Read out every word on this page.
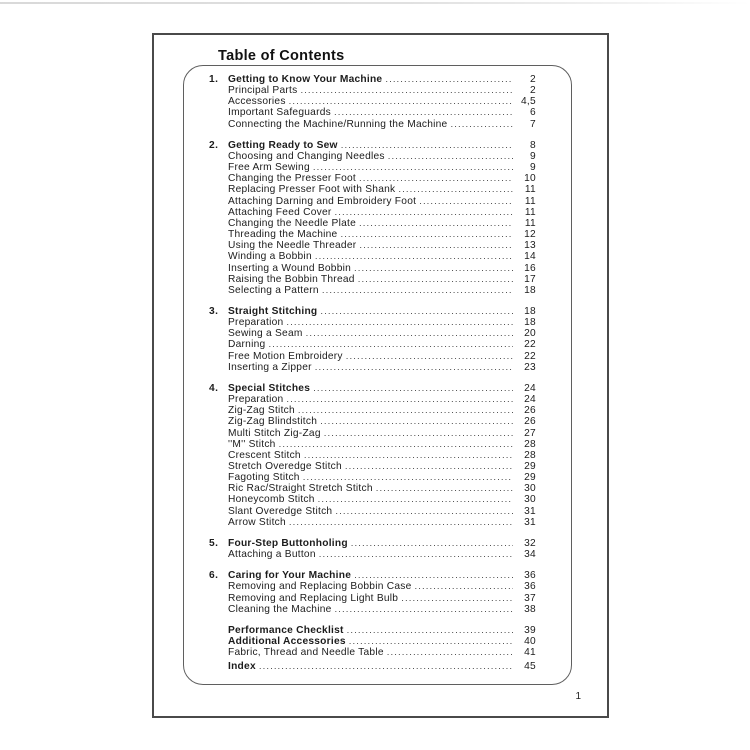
Table of Contents
1. Getting to Know Your Machine .....	2
Principal Parts .....	2
Accessories .....	4,5
Important Safeguards .....	6
Connecting the Machine/Running the Machine .....	7
2. Getting Ready to Sew .....	8
Choosing and Changing Needles .....	9
Free Arm Sewing .....	9
Changing the Presser Foot .....	10
Replacing Presser Foot with Shank .....	11
Attaching Darning and Embroidery Foot .....	11
Attaching Feed Cover .....	11
Changing the Needle Plate .....	11
Threading the Machine .....	12
Using the Needle Threader .....	13
Winding a Bobbin .....	14
Inserting a Wound Bobbin .....	16
Raising the Bobbin Thread .....	17
Selecting a Pattern .....	18
3. Straight Stitching .....	18
Preparation .....	18
Sewing a Seam .....	20
Darning .....	22
Free Motion Embroidery .....	22
Inserting a Zipper .....	23
4. Special Stitches .....	24
Preparation .....	24
Zig-Zag Stitch .....	26
Zig-Zag Blindstitch .....	26
Multi Stitch Zig-Zag .....	27
''M'' Stitch .....	28
Crescent Stitch .....	28
Stretch Overedge Stitch .....	29
Fagoting Stitch .....	29
Ric Rac/Straight Stretch Stitch .....	30
Honeycomb Stitch .....	30
Slant Overedge Stitch .....	31
Arrow Stitch .....	31
5. Four-Step Buttonholing .....	32
Attaching a Button .....	34
6. Caring for Your Machine .....	36
Removing and Replacing Bobbin Case .....	36
Removing and Replacing Light Bulb .....	37
Cleaning the Machine .....	38
Performance Checklist .....	39
Additional Accessories .....	40
Fabric, Thread and Needle Table .....	41
Index .....	45
1
